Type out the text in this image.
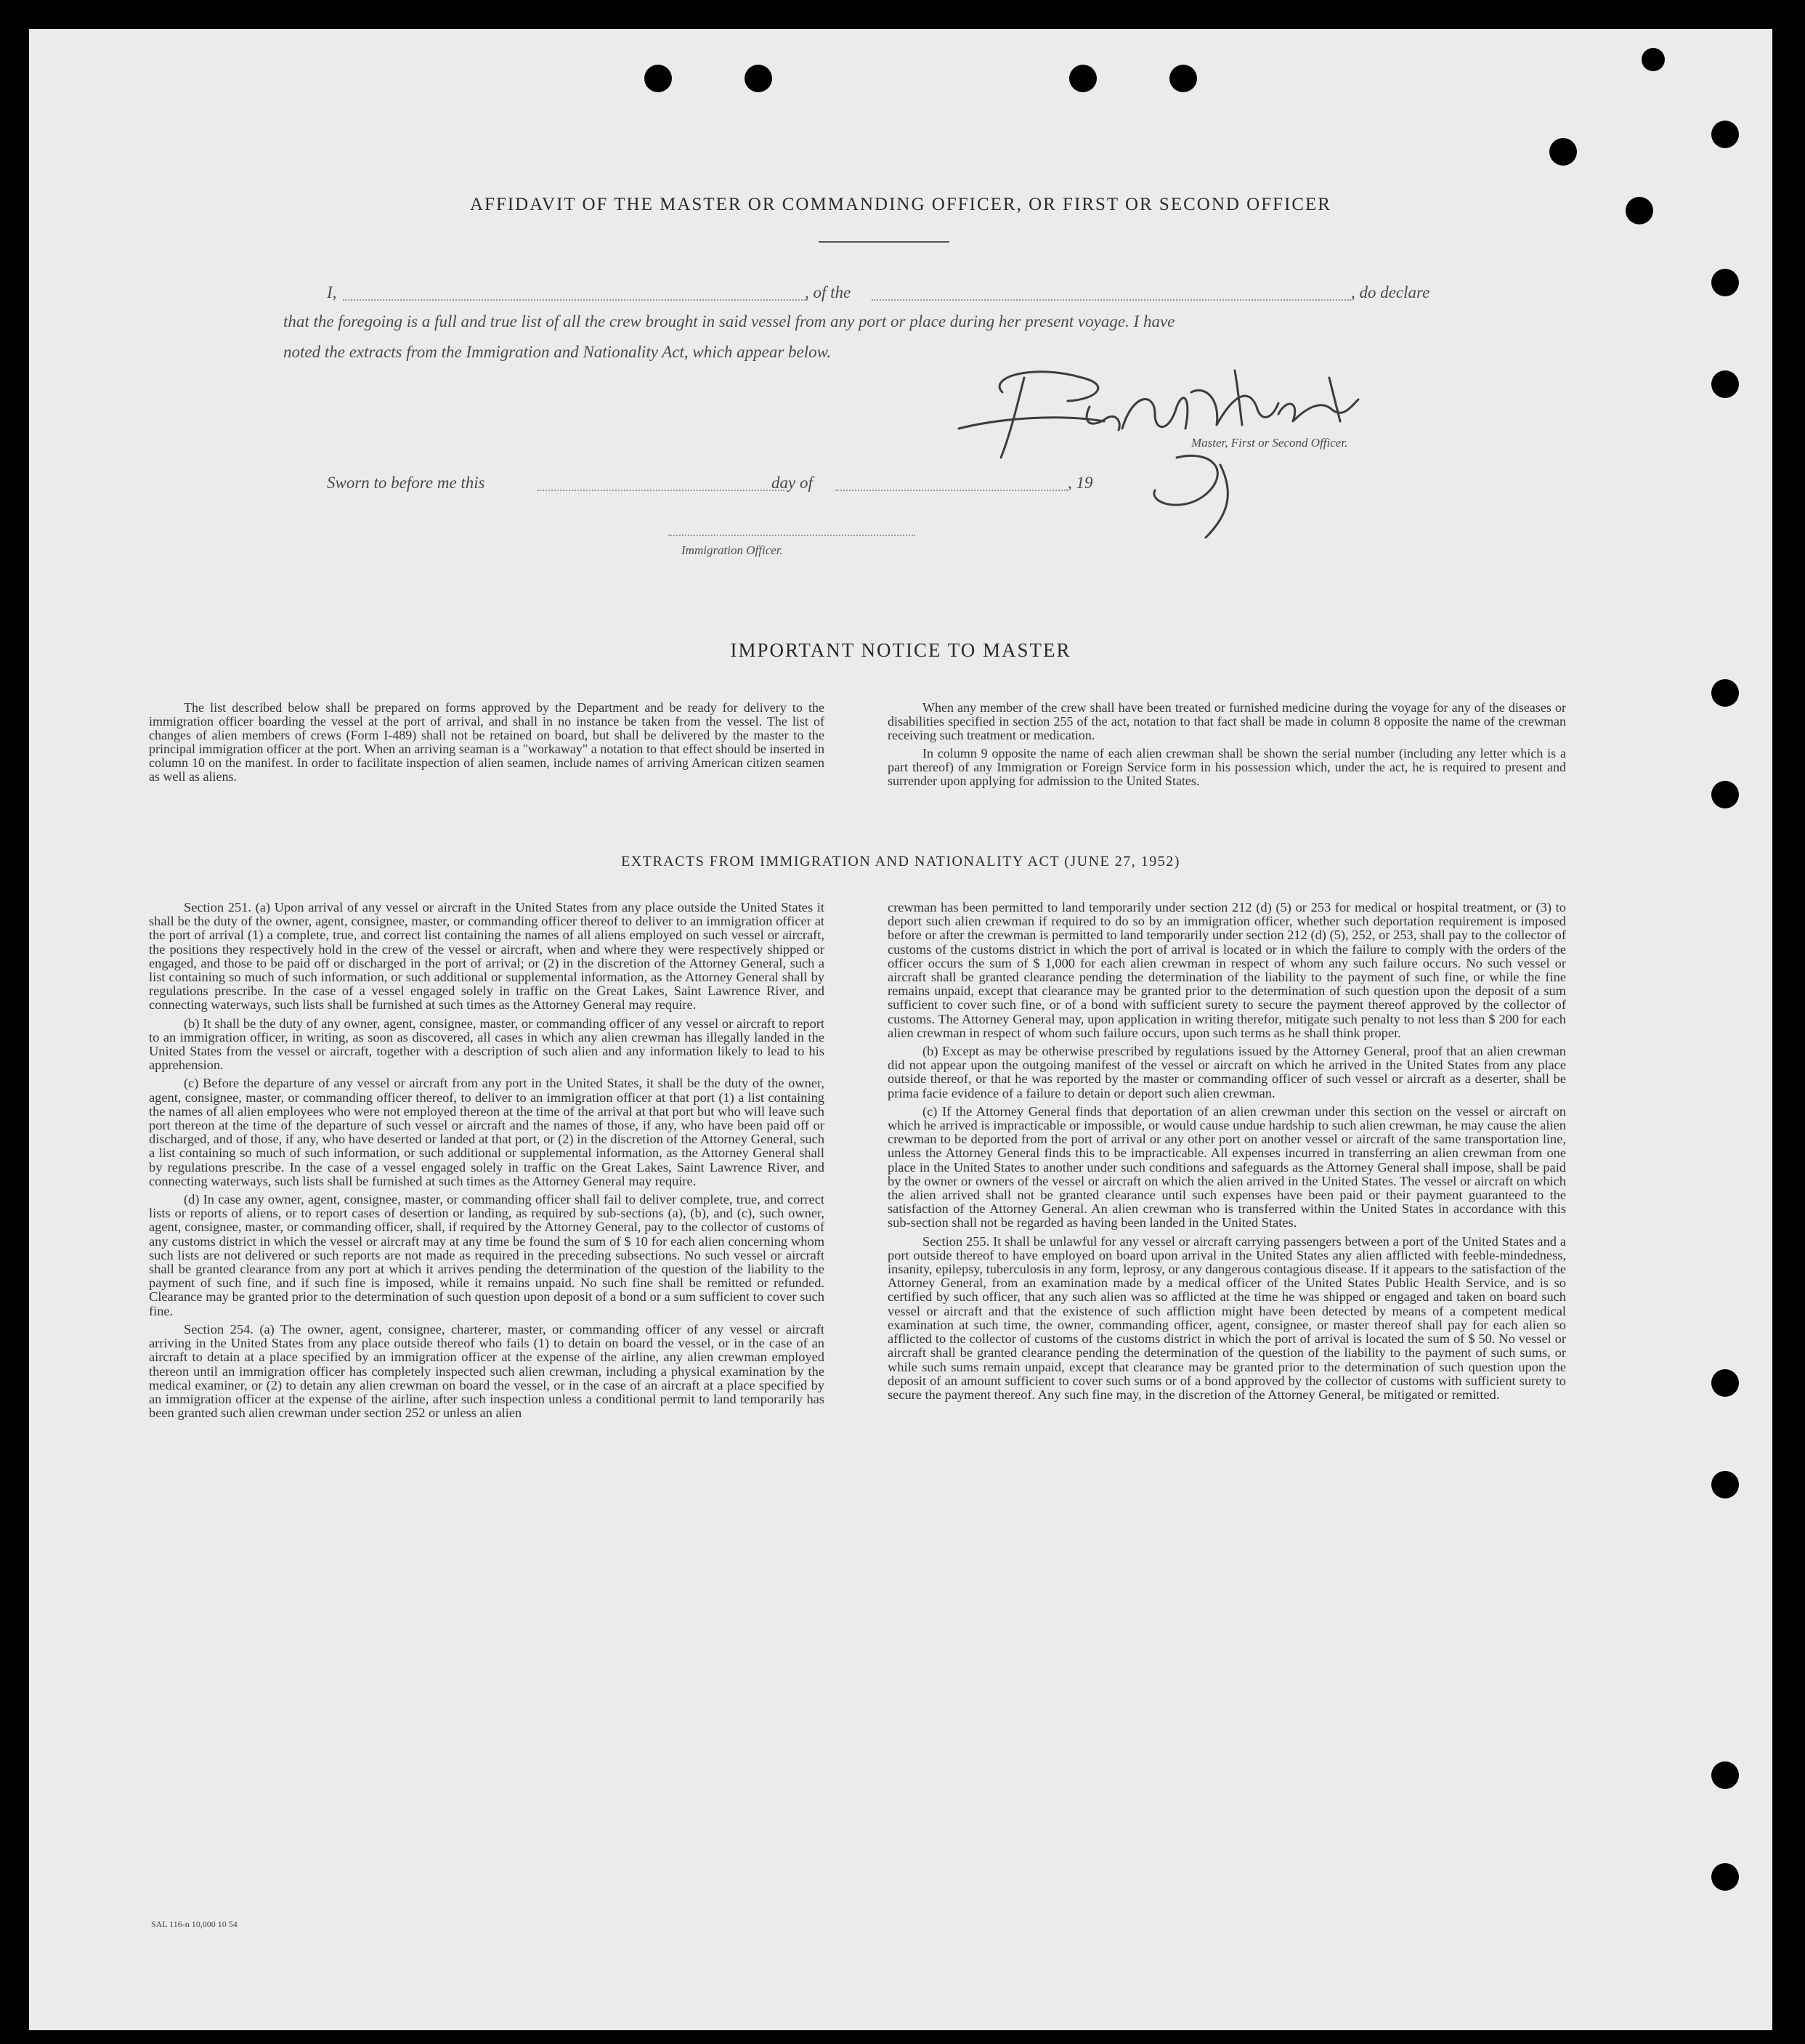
AFFIDAVIT OF THE MASTER OR COMMANDING OFFICER, OR FIRST OR SECOND OFFICER
I,	, of the	, do declare
that the foregoing is a full and true list of all the crew brought in said vessel from any port or place during her present voyage. I have
noted the extracts from the Immigration and Nationality Act, which appear below.
Master, First or Second Officer.
Sworn to before me this	day of	, 19
Immigration Officer.
IMPORTANT NOTICE TO MASTER

The list described below shall be prepared on forms approved by the Department and be ready for delivery to the immigration officer boarding the vessel at the port of arrival, and shall in no instance be taken from the vessel. The list of changes of alien members of crews (Form I-489) shall not be retained on board, but shall be delivered by the master to the principal immigration officer at the port. When an arriving seaman is a "workaway" a notation to that effect should be inserted in column 10 on the manifest. In order to facilitate inspection of alien seamen, include names of arriving American citizen seamen as well as aliens.

When any member of the crew shall have been treated or furnished medicine during the voyage for any of the diseases or disabilities specified in section 255 of the act, notation to that fact shall be made in column 8 opposite the name of the crewman receiving such treatment or medication.

In column 9 opposite the name of each alien crewman shall be shown the serial number (including any letter which is a part thereof) of any Immigration or Foreign Service form in his possession which, under the act, he is required to present and surrender upon applying for admission to the United States.

EXTRACTS FROM IMMIGRATION AND NATIONALITY ACT (JUNE 27, 1952)

Section 251. (a) Upon arrival of any vessel or aircraft in the United States from any place outside the United States it shall be the duty of the owner, agent, consignee, master, or commanding officer thereof to deliver to an immigration officer at the port of arrival (1) a complete, true, and correct list containing the names of all aliens employed on such vessel or aircraft, the positions they respectively hold in the crew of the vessel or aircraft, when and where they were respectively shipped or engaged, and those to be paid off or discharged in the port of arrival; or (2) in the discretion of the Attorney General, such a list containing so much of such information, or such additional or supplemental information, as the Attorney General shall by regulations prescribe. In the case of a vessel engaged solely in traffic on the Great Lakes, Saint Lawrence River, and connecting waterways, such lists shall be furnished at such times as the Attorney General may require.

(b) It shall be the duty of any owner, agent, consignee, master, or commanding officer of any vessel or aircraft to report to an immigration officer, in writing, as soon as discovered, all cases in which any alien crewman has illegally landed in the United States from the vessel or aircraft, together with a description of such alien and any information likely to lead to his apprehension.

(c) Before the departure of any vessel or aircraft from any port in the United States, it shall be the duty of the owner, agent, consignee, master, or commanding officer thereof, to deliver to an immigration officer at that port (1) a list containing the names of all alien employees who were not employed thereon at the time of the arrival at that port but who will leave such port thereon at the time of the departure of such vessel or aircraft and the names of those, if any, who have been paid off or discharged, and of those, if any, who have deserted or landed at that port, or (2) in the discretion of the Attorney General, such a list containing so much of such information, or such additional or supplemental information, as the Attorney General shall by regulations prescribe. In the case of a vessel engaged solely in traffic on the Great Lakes, Saint Lawrence River, and connecting waterways, such lists shall be furnished at such times as the Attorney General may require.

(d) In case any owner, agent, consignee, master, or commanding officer shall fail to deliver complete, true, and correct lists or reports of aliens, or to report cases of desertion or landing, as required by sub-sections (a), (b), and (c), such owner, agent, consignee, master, or commanding officer, shall, if required by the Attorney General, pay to the collector of customs of any customs district in which the vessel or aircraft may at any time be found the sum of $ 10 for each alien concerning whom such lists are not delivered or such reports are not made as required in the preceding subsections. No such vessel or aircraft shall be granted clearance from any port at which it arrives pending the determination of the question of the liability to the payment of such fine, and if such fine is imposed, while it remains unpaid. No such fine shall be remitted or refunded. Clearance may be granted prior to the determination of such question upon deposit of a bond or a sum sufficient to cover such fine.

Section 254. (a) The owner, agent, consignee, charterer, master, or commanding officer of any vessel or aircraft arriving in the United States from any place outside thereof who fails (1) to detain on board the vessel, or in the case of an aircraft to detain at a place specified by an immigration officer at the expense of the airline, any alien crewman employed thereon until an immigration officer has completely inspected such alien crewman, including a physical examination by the medical examiner, or (2) to detain any alien crewman on board the vessel, or in the case of an aircraft at a place specified by an immigration officer at the expense of the airline, after such inspection unless a conditional permit to land temporarily has been granted such alien crewman under section 252 or unless an alien

crewman has been permitted to land temporarily under section 212 (d) (5) or 253 for medical or hospital treatment, or (3) to deport such alien crewman if required to do so by an immigration officer, whether such deportation requirement is imposed before or after the crewman is permitted to land temporarily under section 212 (d) (5), 252, or 253, shall pay to the collector of customs of the customs district in which the port of arrival is located or in which the failure to comply with the orders of the officer occurs the sum of $ 1,000 for each alien crewman in respect of whom any such failure occurs. No such vessel or aircraft shall be granted clearance pending the determination of the liability to the payment of such fine, or while the fine remains unpaid, except that clearance may be granted prior to the determination of such question upon the deposit of a sum sufficient to cover such fine, or of a bond with sufficient surety to secure the payment thereof approved by the collector of customs. The Attorney General may, upon application in writing therefor, mitigate such penalty to not less than $ 200 for each alien crewman in respect of whom such failure occurs, upon such terms as he shall think proper.

(b) Except as may be otherwise prescribed by regulations issued by the Attorney General, proof that an alien crewman did not appear upon the outgoing manifest of the vessel or aircraft on which he arrived in the United States from any place outside thereof, or that he was reported by the master or commanding officer of such vessel or aircraft as a deserter, shall be prima facie evidence of a failure to detain or deport such alien crewman.

(c) If the Attorney General finds that deportation of an alien crewman under this section on the vessel or aircraft on which he arrived is impracticable or impossible, or would cause undue hardship to such alien crewman, he may cause the alien crewman to be deported from the port of arrival or any other port on another vessel or aircraft of the same transportation line, unless the Attorney General finds this to be impracticable. All expenses incurred in transferring an alien crewman from one place in the United States to another under such conditions and safeguards as the Attorney General shall impose, shall be paid by the owner or owners of the vessel or aircraft on which the alien arrived in the United States. The vessel or aircraft on which the alien arrived shall not be granted clearance until such expenses have been paid or their payment guaranteed to the satisfaction of the Attorney General. An alien crewman who is transferred within the United States in accordance with this sub-section shall not be regarded as having been landed in the United States.

Section 255. It shall be unlawful for any vessel or aircraft carrying passengers between a port of the United States and a port outside thereof to have employed on board upon arrival in the United States any alien afflicted with feeble-mindedness, insanity, epilepsy, tuberculosis in any form, leprosy, or any dangerous contagious disease. If it appears to the satisfaction of the Attorney General, from an examination made by a medical officer of the United States Public Health Service, and is so certified by such officer, that any such alien was so afflicted at the time he was shipped or engaged and taken on board such vessel or aircraft and that the existence of such affliction might have been detected by means of a competent medical examination at such time, the owner, commanding officer, agent, consignee, or master thereof shall pay for each alien so afflicted to the collector of customs of the customs district in which the port of arrival is located the sum of $ 50. No vessel or aircraft shall be granted clearance pending the determination of the question of the liability to the payment of such sums, or while such sums remain unpaid, except that clearance may be granted prior to the determination of such question upon the deposit of an amount sufficient to cover such sums or of a bond approved by the collector of customs with sufficient surety to secure the payment thereof. Any such fine may, in the discretion of the Attorney General, be mitigated or remitted.

SAL 116-n 10,000 10 54
